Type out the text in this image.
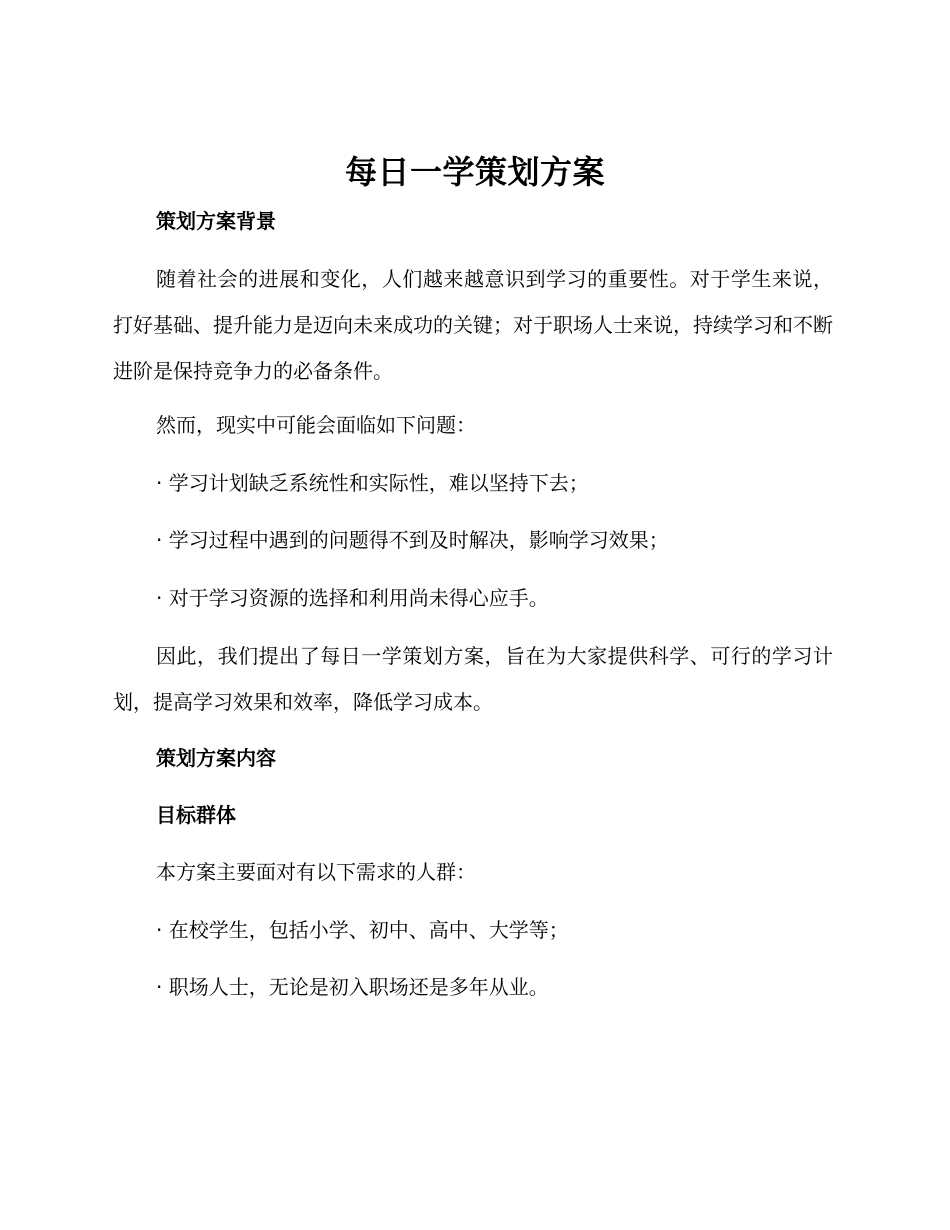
每日一学策划方案

策划方案背景

随着社会的进展和变化，人们越来越意识到学习的重要性。对于学生来说，打好基础、提升能力是迈向未来成功的关键；对于职场人士来说，持续学习和不断进阶是保持竞争力的必备条件。

然而，现实中可能会面临如下问题：

· 学习计划缺乏系统性和实际性，难以坚持下去；

· 学习过程中遇到的问题得不到及时解决，影响学习效果；

· 对于学习资源的选择和利用尚未得心应手。

因此，我们提出了每日一学策划方案，旨在为大家提供科学、可行的学习计划，提高学习效果和效率，降低学习成本。

策划方案内容

目标群体

本方案主要面对有以下需求的人群：

· 在校学生，包括小学、初中、高中、大学等；

· 职场人士，无论是初入职场还是多年从业。
